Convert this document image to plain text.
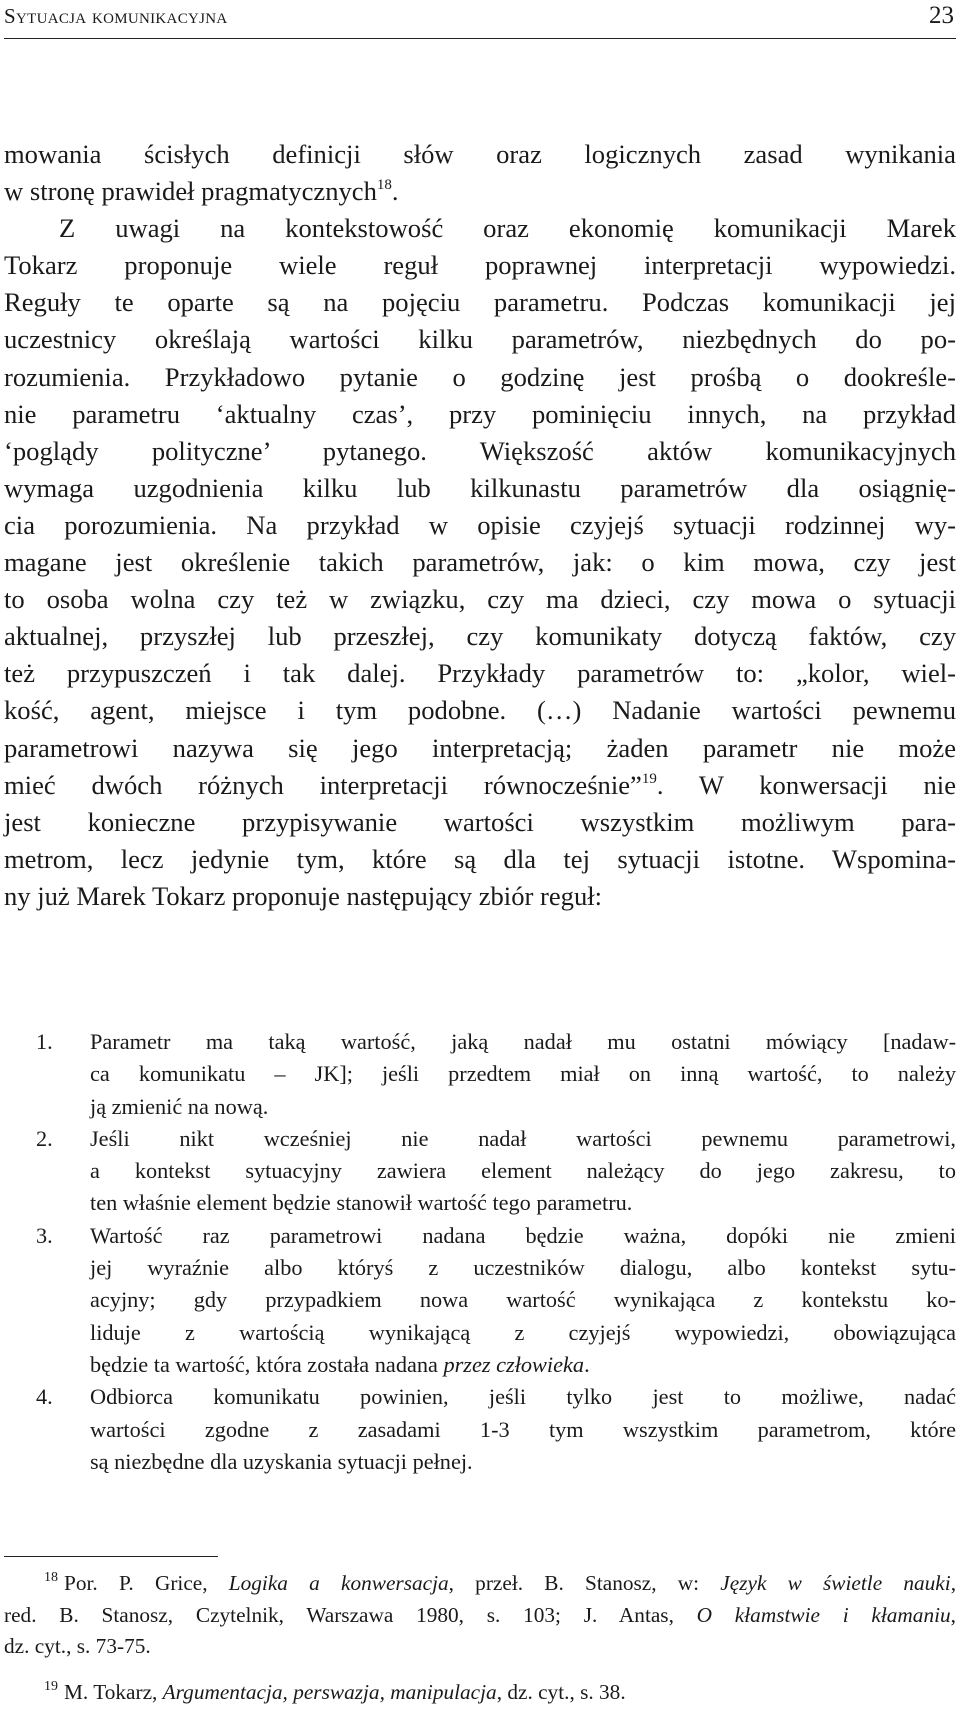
Sytuacja komunikacyjna	23
mowania ścisłych definicji słów oraz logicznych zasad wynikania
w stronę prawideł pragmatycznych$^{18}$.
Z uwagi na kontekstowość oraz ekonomię komunikacji Marek
Tokarz proponuje wiele reguł poprawnej interpretacji wypowiedzi.
Reguły te oparte są na pojęciu parametru. Podczas komunikacji jej
uczestnicy określają wartości kilku parametrów, niezbędnych do po-
rozumienia. Przykładowo pytanie o godzinę jest prośbą o dookreśle-
nie parametru ‘aktualny czas’, przy pominięciu innych, na przykład
‘poglądy polityczne’ pytanego. Większość aktów komunikacyjnych
wymaga uzgodnienia kilku lub kilkunastu parametrów dla osiągnię-
cia porozumienia. Na przykład w opisie czyjejś sytuacji rodzinnej wy-
magane jest określenie takich parametrów, jak: o kim mowa, czy jest
to osoba wolna czy też w związku, czy ma dzieci, czy mowa o sytuacji
aktualnej, przyszłej lub przeszłej, czy komunikaty dotyczą faktów, czy
też przypuszczeń i tak dalej. Przykłady parametrów to: „kolor, wiel-
kość, agent, miejsce i tym podobne. (…) Nadanie wartości pewnemu
parametrowi nazywa się jego interpretacją; żaden parametr nie może
mieć dwóch różnych interpretacji równocześnie”$^{19}$. W konwersacji nie
jest konieczne przypisywanie wartości wszystkim możliwym para-
metrom, lecz jedynie tym, które są dla tej sytuacji istotne. Wspomina-
ny już Marek Tokarz proponuje następujący zbiór reguł:
1.	Parametr ma taką wartość, jaką nadał mu ostatni mówiący [nadaw-
ca komunikatu – JK]; jeśli przedtem miał on inną wartość, to należy
ją zmienić na nową.
2.	Jeśli nikt wcześniej nie nadał wartości pewnemu parametrowi,
a kontekst sytuacyjny zawiera element należący do jego zakresu, to
ten właśnie element będzie stanowił wartość tego parametru.
3.	Wartość raz parametrowi nadana będzie ważna, dopóki nie zmieni
jej wyraźnie albo któryś z uczestników dialogu, albo kontekst sytu-
acyjny; gdy przypadkiem nowa wartość wynikająca z kontekstu ko-
liduje z wartością wynikającą z czyjejś wypowiedzi, obowiązująca
będzie ta wartość, która została nadana przez człowieka.
4.	Odbiorca komunikatu powinien, jeśli tylko jest to możliwe, nadać
wartości zgodne z zasadami 1-3 tym wszystkim parametrom, które
są niezbędne dla uzyskania sytuacji pełnej.
18 Por. P. Grice, Logika a konwersacja, przeł. B. Stanosz, w: Język w świetle nauki,
red. B. Stanosz, Czytelnik, Warszawa 1980, s. 103; J. Antas, O kłamstwie i kłamaniu,
dz. cyt., s. 73-75.
19 M. Tokarz, Argumentacja, perswazja, manipulacja, dz. cyt., s. 38.
